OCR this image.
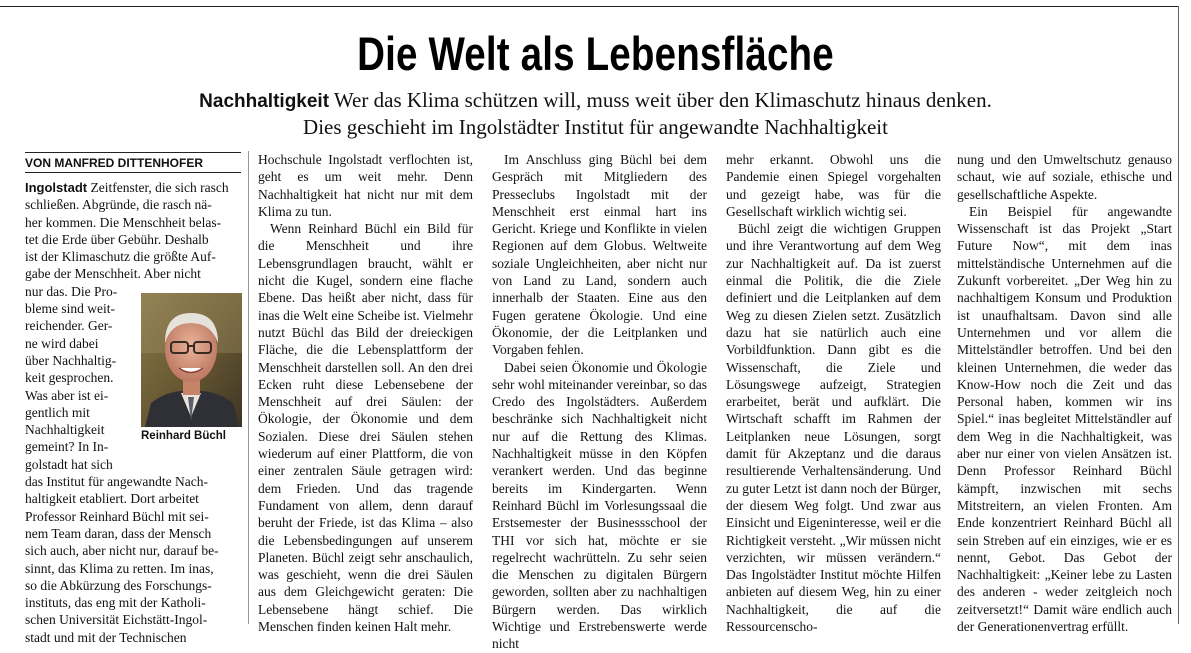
Die Welt als Lebensfläche
Nachhaltigkeit Wer das Klima schützen will, muss weit über den Klimaschutz hinaus denken.
Dies geschieht im Ingolstädter Institut für angewandte Nachhaltigkeit
VON MANFRED DITTENHOFER
Ingolstadt Zeitfenster, die sich rasch
schließen. Abgründe, die rasch nä-
her kommen. Die Menschheit belas-
tet die Erde über Gebühr. Deshalb
ist der Klimaschutz die größte Auf-
gabe der Menschheit. Aber nicht
nur das. Die Pro-
bleme sind weit-
reichender. Ger-
ne wird dabei
über Nachhaltig-
keit gesprochen.
Was aber ist ei-
gentlich mit
Nachhaltigkeit
gemeint? In In-
golstadt hat sich
das Institut für angewandte Nach-
haltigkeit etabliert. Dort arbeitet
Professor Reinhard Büchl mit sei-
nem Team daran, dass der Mensch
sich auch, aber nicht nur, darauf be-
sinnt, das Klima zu retten. Im inas,
so die Abkürzung des Forschungs-
instituts, das eng mit der Katholi-
schen Universität Eichstätt-Ingol-
stadt und mit der Technischen
Reinhard Büchl

Hochschule Ingolstadt verflochten ist, geht es um weit mehr. Denn Nachhaltigkeit hat nicht nur mit dem Klima zu tun.

Wenn Reinhard Büchl ein Bild für die Menschheit und ihre Lebensgrundlagen braucht, wählt er nicht die Kugel, sondern eine flache Ebene. Das heißt aber nicht, dass für inas die Welt eine Scheibe ist. Vielmehr nutzt Büchl das Bild der dreieckigen Fläche, die die Lebensplattform der Menschheit darstellen soll. An den drei Ecken ruht diese Lebensebene der Menschheit auf drei Säulen: der Ökologie, der Ökonomie und dem Sozialen. Diese drei Säulen stehen wiederum auf einer Plattform, die von einer zentralen Säule getragen wird: dem Frieden. Und das tragende Fundament von allem, denn darauf beruht der Friede, ist das Klima – also die Lebensbedingungen auf unserem Planeten. Büchl zeigt sehr anschaulich, was geschieht, wenn die drei Säulen aus dem Gleichgewicht geraten: Die Lebensebene hängt schief. Die Menschen finden keinen Halt mehr.

Im Anschluss ging Büchl bei dem Gespräch mit Mitgliedern des Presseclubs Ingolstadt mit der Menschheit erst einmal hart ins Gericht. Kriege und Konflikte in vielen Regionen auf dem Globus. Weltweite soziale Ungleichheiten, aber nicht nur von Land zu Land, sondern auch innerhalb der Staaten. Eine aus den Fugen geratene Ökologie. Und eine Ökonomie, der die Leitplanken und Vorgaben fehlen.

Dabei seien Ökonomie und Ökologie sehr wohl miteinander vereinbar, so das Credo des Ingolstädters. Außerdem beschränke sich Nachhaltigkeit nicht nur auf die Rettung des Klimas. Nachhaltigkeit müsse in den Köpfen verankert werden. Und das beginne bereits im Kindergarten. Wenn Reinhard Büchl im Vorlesungssaal die Erstsemester der Businessschool der THI vor sich hat, möchte er sie regelrecht wachrütteln. Zu sehr seien die Menschen zu digitalen Bürgern geworden, sollten aber zu nachhaltigen Bürgern werden. Das wirklich Wichtige und Erstrebenswerte werde nicht

mehr erkannt. Obwohl uns die Pandemie einen Spiegel vorgehalten und gezeigt habe, was für die Gesellschaft wirklich wichtig sei.

Büchl zeigt die wichtigen Gruppen und ihre Verantwortung auf dem Weg zur Nachhaltigkeit auf. Da ist zuerst einmal die Politik, die die Ziele definiert und die Leitplanken auf dem Weg zu diesen Zielen setzt. Zusätzlich dazu hat sie natürlich auch eine Vorbildfunktion. Dann gibt es die Wissenschaft, die Ziele und Lösungswege aufzeigt, Strategien erarbeitet, berät und aufklärt. Die Wirtschaft schafft im Rahmen der Leitplanken neue Lösungen, sorgt damit für Akzeptanz und die daraus resultierende Verhaltensänderung. Und zu guter Letzt ist dann noch der Bürger, der diesem Weg folgt. Und zwar aus Einsicht und Eigeninteresse, weil er die Richtigkeit versteht. „Wir müssen nicht verzichten, wir müssen verändern.“ Das Ingolstädter Institut möchte Hilfen anbieten auf diesem Weg, hin zu einer Nachhaltigkeit, die auf die Ressourcenscho-

nung und den Umweltschutz genauso schaut, wie auf soziale, ethische und gesellschaftliche Aspekte.

Ein Beispiel für angewandte Wissenschaft ist das Projekt „Start Future Now“, mit dem inas mittelständische Unternehmen auf die Zukunft vorbereitet. „Der Weg hin zu nachhaltigem Konsum und Produktion ist unaufhaltsam. Davon sind alle Unternehmen und vor allem die Mittelständler betroffen. Und bei den kleinen Unternehmen, die weder das Know-How noch die Zeit und das Personal haben, kommen wir ins Spiel.“ inas begleitet Mittelständler auf dem Weg in die Nachhaltigkeit, was aber nur einer von vielen Ansätzen ist. Denn Professor Reinhard Büchl kämpft, inzwischen mit sechs Mitstreitern, an vielen Fronten. Am Ende konzentriert Reinhard Büchl all sein Streben auf ein einziges, wie er es nennt, Gebot. Das Gebot der Nachhaltigkeit: „Keiner lebe zu Lasten des anderen - weder zeitgleich noch zeitversetzt!“ Damit wäre endlich auch der Generationenvertrag erfüllt.
